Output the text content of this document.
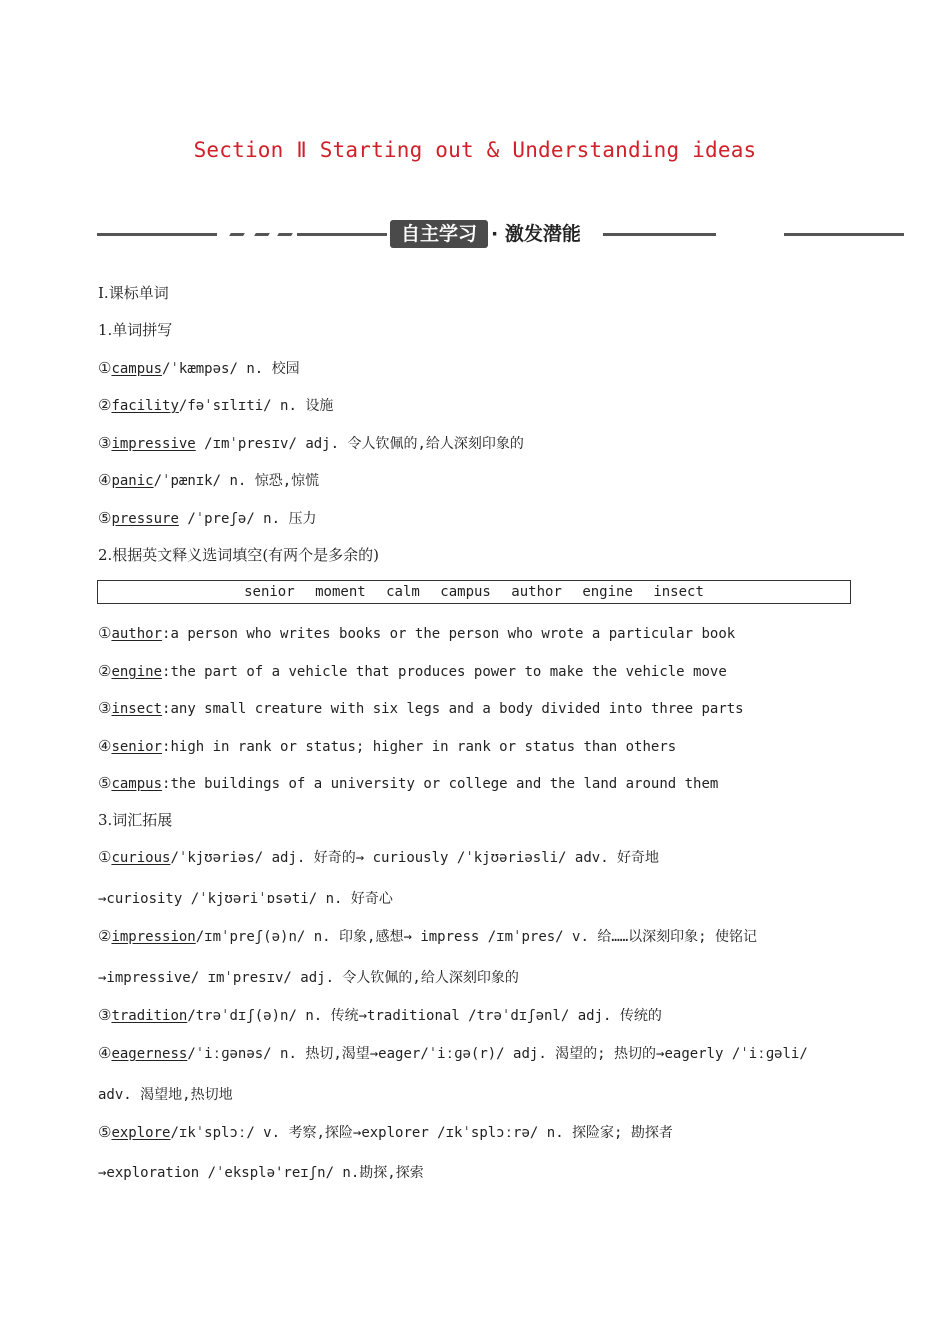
Section Ⅱ Starting out & Understanding ideas
自主学习 · 激发潜能
Ⅰ.课标单词
1.单词拼写
①campus/ˈkæmpəs/ n. 校园
②facility/fəˈsɪlɪti/ n. 设施
③impressive /ɪmˈpresɪv/ adj. 令人钦佩的,给人深刻印象的
④panic/ˈpænɪk/ n. 惊恐,惊慌
⑤pressure /ˈpreʃə/ n. 压力
2.根据英文释义选词填空(有两个是多余的)
senior moment calm campus author engine insect
①author:a person who writes books or the person who wrote a particular book
②engine:the part of a vehicle that produces power to make the vehicle move
③insect:any small creature with six legs and a body divided into three parts
④senior:high in rank or status; higher in rank or status than others
⑤campus:the buildings of a university or college and the land around them
3.词汇拓展
①curious/ˈkjʊəriəs/ adj. 好奇的→ curiously /ˈkjʊəriəsli/ adv. 好奇地
→curiosity /ˈkjʊəriˈɒsəti/ n. 好奇心
②impression/ɪmˈpreʃ(ə)n/ n. 印象,感想→ impress /ɪmˈpres/ v. 给……以深刻印象; 使铭记
→impressive/ ɪmˈpresɪv/ adj. 令人钦佩的,给人深刻印象的
③tradition/trəˈdɪʃ(ə)n/ n. 传统→traditional /trəˈdɪʃənl/ adj. 传统的
④eagerness/ˈiːɡənəs/ n. 热切,渴望→eager/ˈiːɡə(r)/ adj. 渴望的; 热切的→eagerly /ˈiːɡəli/
adv. 渴望地,热切地
⑤explore/ɪkˈsplɔː/ v. 考察,探险→explorer /ɪkˈsplɔːrə/ n. 探险家; 勘探者
→exploration /ˈeksplə'reɪʃn/ n.勘探,探索
